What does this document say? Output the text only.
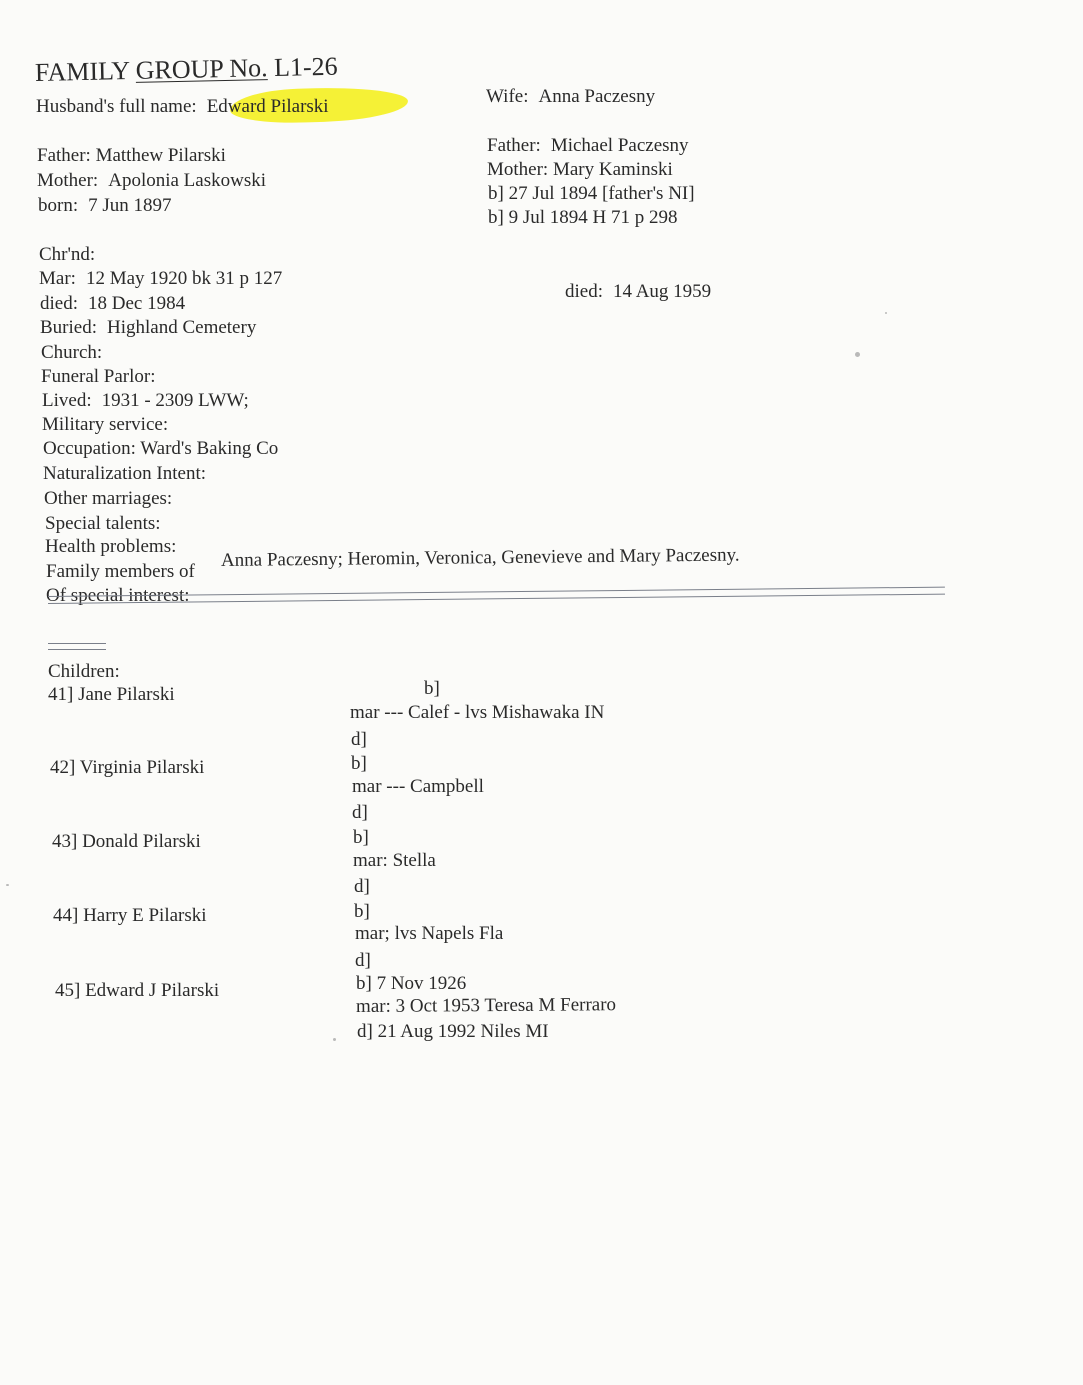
FAMILY GROUP No. L1-26
Husband's full name: Edward Pilarski
Father: Matthew Pilarski
Mother: Apolonia Laskowski
born: 7 Jun 1897
Chr'nd:
Mar: 12 May 1920 bk 31 p 127
died: 18 Dec 1984
Buried: Highland Cemetery
Church:
Funeral Parlor:
Lived: 1931 - 2309 LWW;
Military service:
Occupation: Ward's Baking Co
Naturalization Intent:
Other marriages:
Special talents:
Health problems:
Family members of
Anna Paczesny; Heromin, Veronica, Genevieve and Mary Paczesny.
Of special interest:
Wife: Anna Paczesny
Father: Michael Paczesny
Mother: Mary Kaminski
b] 27 Jul 1894 [father's NI]
b] 9 Jul 1894 H 71 p 298
died: 14 Aug 1959
Children:
41] Jane Pilarski	b]
mar --- Calef - lvs Mishawaka IN
d]
42] Virginia Pilarski	b]
mar --- Campbell
d]
43] Donald Pilarski	b]
mar: Stella
d]
44] Harry E Pilarski	b]
mar; lvs Napels Fla
d]
45] Edward J Pilarski	b] 7 Nov 1926
mar: 3 Oct 1953 Teresa M Ferraro
d] 21 Aug 1992 Niles MI
